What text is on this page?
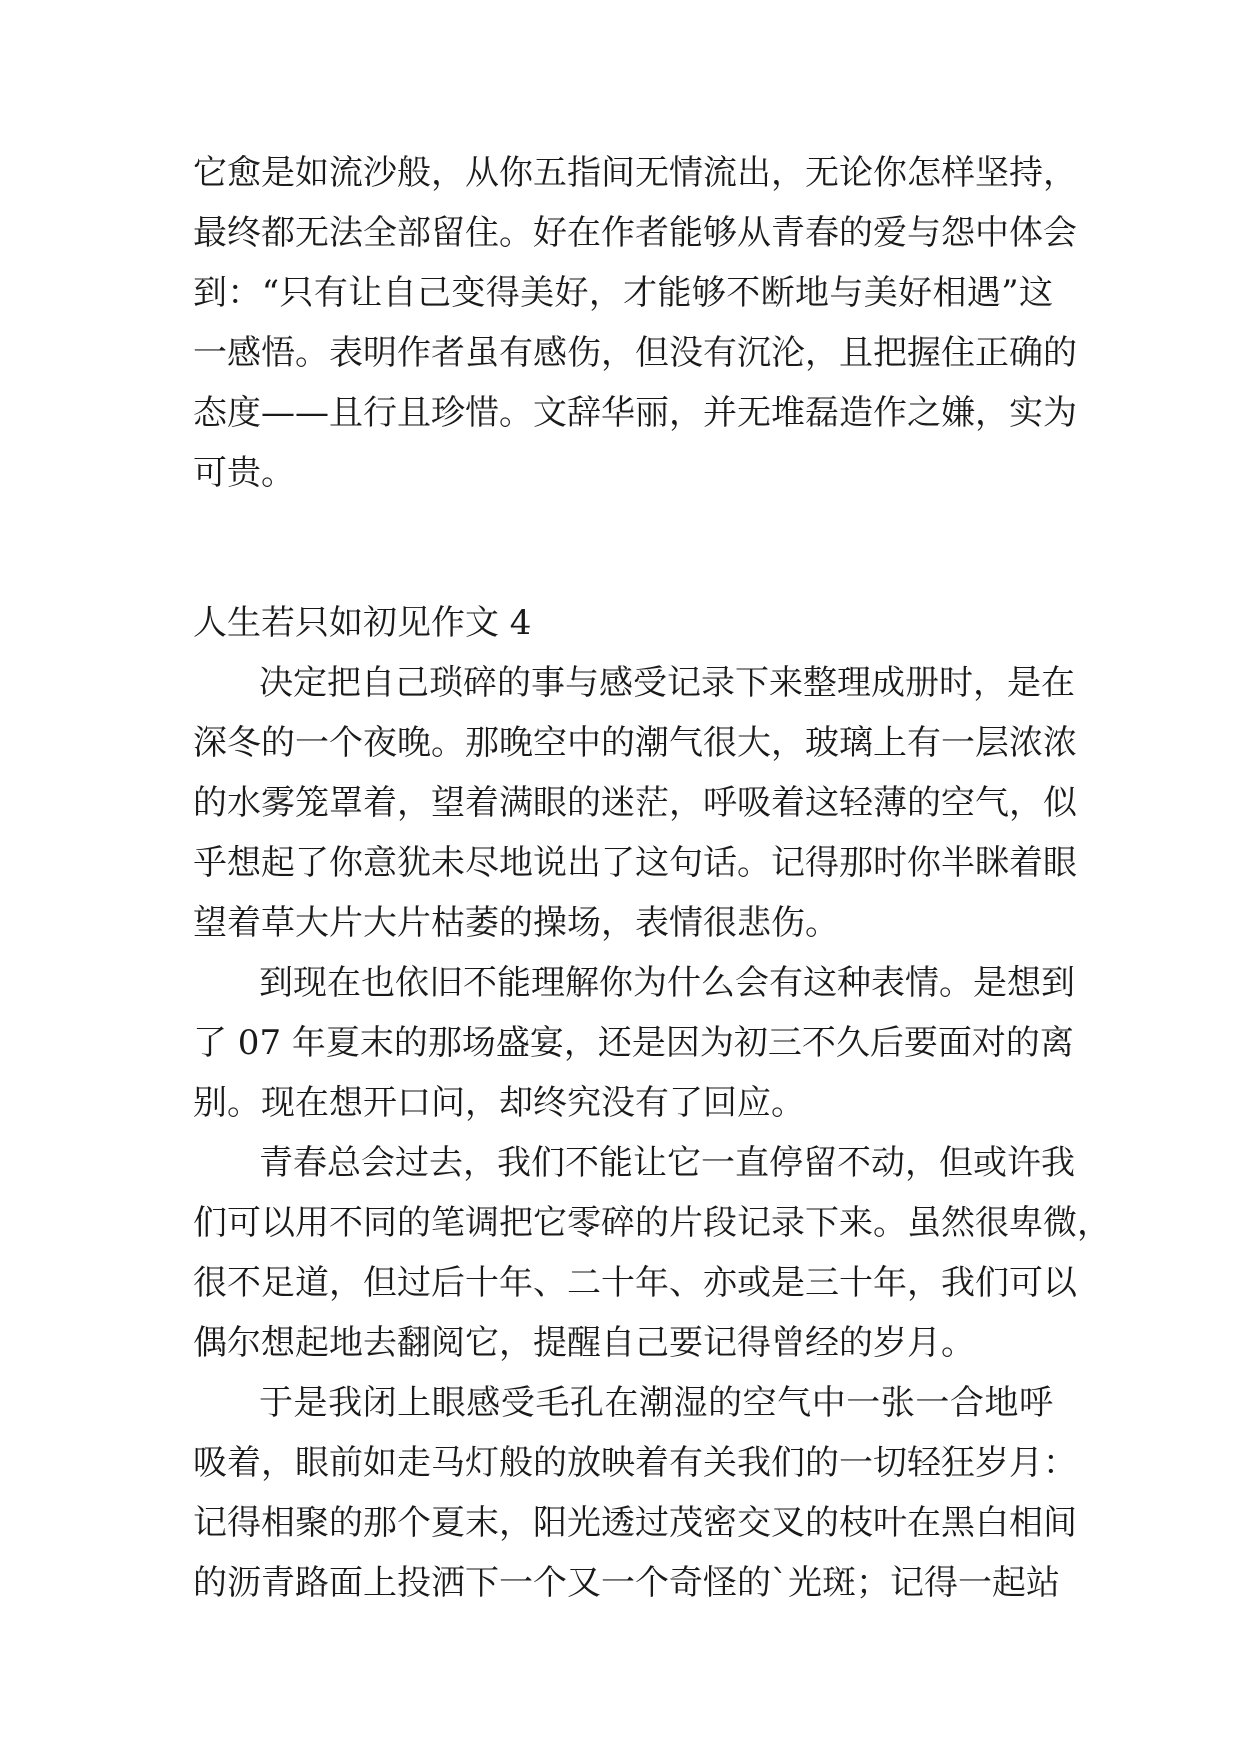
它愈是如流沙般，从你五指间无情流出，无论你怎样坚持，
最终都无法全部留住。好在作者能够从青春的爱与怨中体会
到：“只有让自己变得美好，才能够不断地与美好相遇”这
一感悟。表明作者虽有感伤，但没有沉沦，且把握住正确的
态度——且行且珍惜。文辞华丽，并无堆磊造作之嫌，实为
可贵。
人生若只如初见作文 4
决定把自己琐碎的事与感受记录下来整理成册时，是在
深冬的一个夜晚。那晚空中的潮气很大，玻璃上有一层浓浓
的水雾笼罩着，望着满眼的迷茫，呼吸着这轻薄的空气，似
乎想起了你意犹未尽地说出了这句话。记得那时你半眯着眼
望着草大片大片枯萎的操场，表情很悲伤。
到现在也依旧不能理解你为什么会有这种表情。是想到
了 07 年夏末的那场盛宴，还是因为初三不久后要面对的离
别。现在想开口问，却终究没有了回应。
青春总会过去，我们不能让它一直停留不动，但或许我
们可以用不同的笔调把它零碎的片段记录下来。虽然很卑微，
很不足道，但过后十年、二十年、亦或是三十年，我们可以
偶尔想起地去翻阅它，提醒自己要记得曾经的岁月。
于是我闭上眼感受毛孔在潮湿的空气中一张一合地呼
吸着，眼前如走马灯般的放映着有关我们的一切轻狂岁月：
记得相聚的那个夏末，阳光透过茂密交叉的枝叶在黑白相间
的沥青路面上投洒下一个又一个奇怪的`光斑；记得一起站
